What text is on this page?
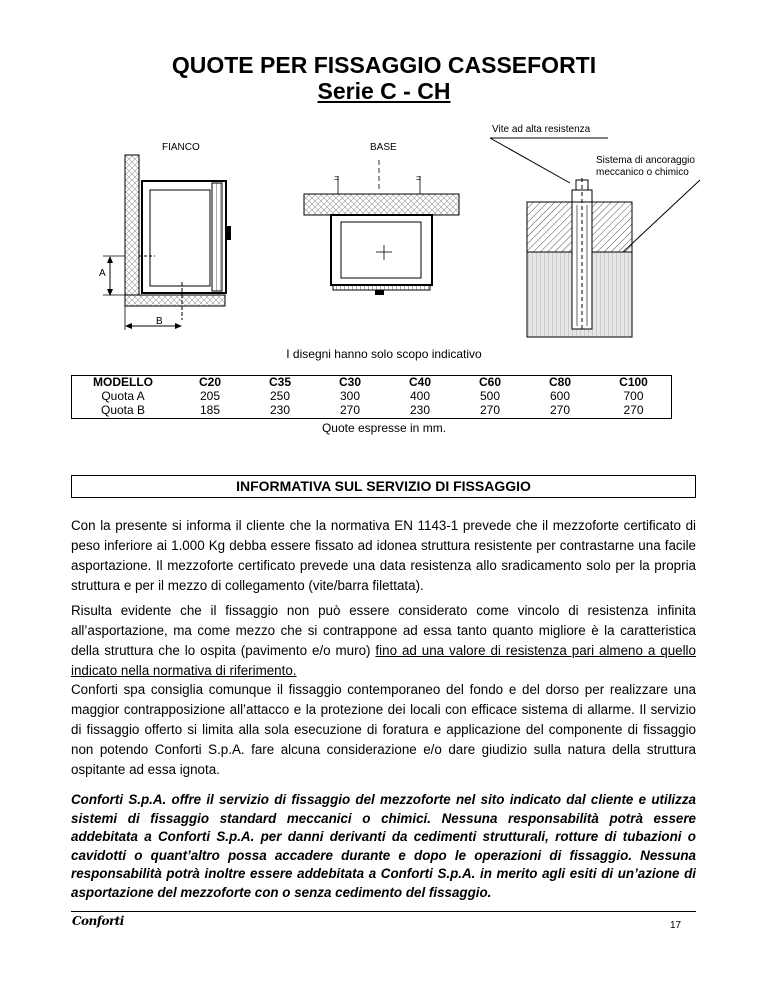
QUOTE PER FISSAGGIO CASSEFORTI
Serie C - CH
FIANCO
A
B
=	=
BASE
Vite ad alta resistenza
Sistema di ancoraggio
meccanico o chimico
I disegni hanno solo scopo indicativo
MODELLO	C20	C35	C30	C40	C60	C80	C100
Quota A	205	250	300	400	500	600	700
Quota B	185	230	270	230	270	270	270
Quote espresse in mm.
INFORMATIVA SUL SERVIZIO DI FISSAGGIO

Con la presente si informa il cliente che la normativa EN 1143-1 prevede che il mezzoforte certificato di peso inferiore ai 1.000 Kg debba essere fissato ad idonea struttura resistente per contrastarne una facile asportazione. Il mezzoforte certificato prevede una data resistenza allo sradicamento solo per la propria struttura e per il mezzo di collegamento (vite/barra filettata).

Risulta evidente che il fissaggio non può essere considerato come vincolo di resistenza infinita all’asportazione, ma come mezzo che si contrappone ad essa tanto quanto migliore è la caratteristica della struttura che lo ospita (pavimento e/o muro) fino ad una valore di resistenza pari almeno a quello indicato nella normativa di riferimento.

Conforti spa consiglia comunque il fissaggio contemporaneo del fondo e del dorso per realizzare una maggior contrapposizione all’attacco e la protezione dei locali con efficace sistema di allarme. Il servizio di fissaggio offerto si limita alla sola esecuzione di foratura e applicazione del componente di fissaggio non potendo Conforti S.p.A. fare alcuna considerazione e/o dare giudizio sulla natura della struttura ospitante ad essa ignota.

Conforti S.p.A. offre il servizio di fissaggio del mezzoforte nel sito indicato dal cliente e utilizza sistemi di fissaggio standard meccanici o chimici. Nessuna responsabilità potrà essere addebitata a Conforti S.p.A. per danni derivanti da cedimenti strutturali, rotture di tubazioni o cavidotti o quant’altro possa accadere durante e dopo le operazioni di fissaggio. Nessuna responsabilità potrà inoltre essere addebitata a Conforti S.p.A. in merito agli esiti di un’azione di asportazione del mezzoforte con o senza cedimento del fissaggio.

Conforti	17
